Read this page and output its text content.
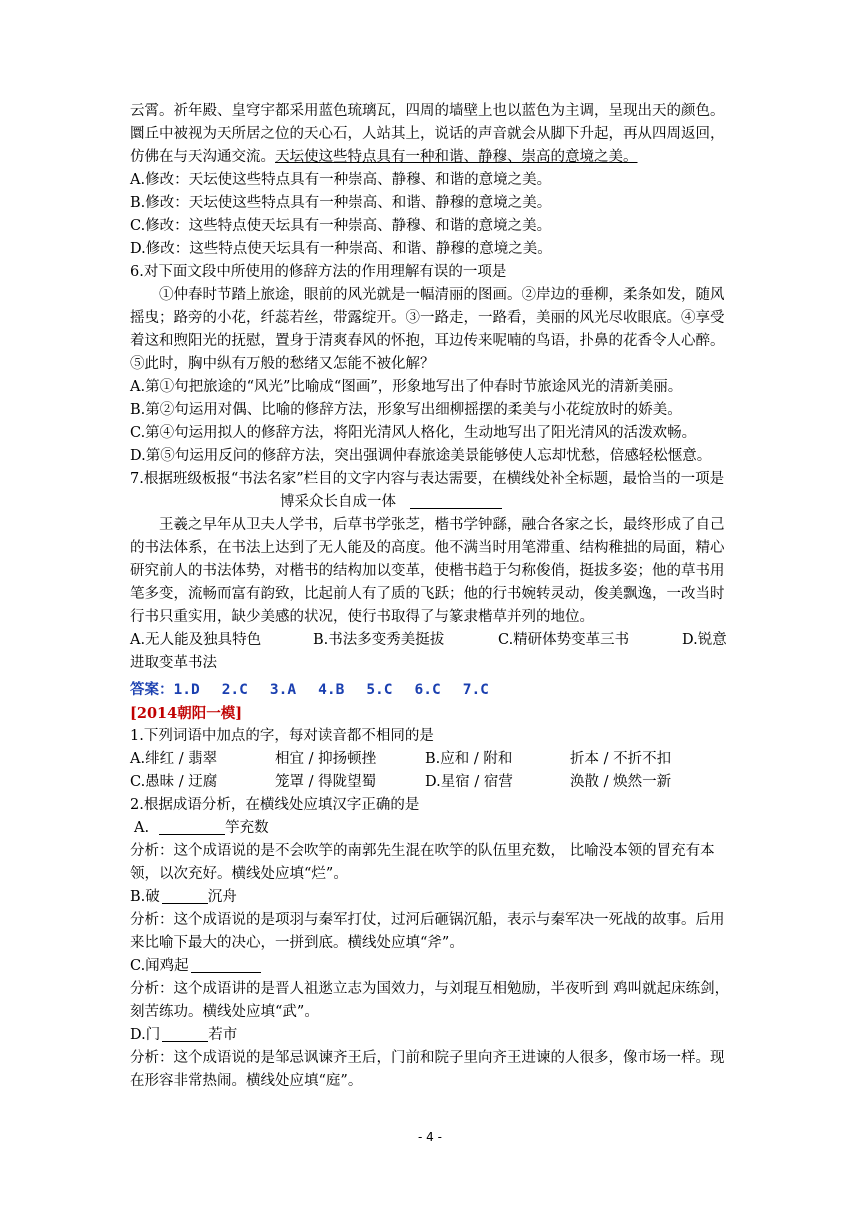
云霄。祈年殿、皇穹宇都采用蓝色琉璃瓦，四周的墙壁上也以蓝色为主调，呈现出天的颜色。

圜丘中被视为天所居之位的天心石，人站其上，说话的声音就会从脚下升起，再从四周返回，

仿佛在与天沟通交流。天坛使这些特点具有一种和谐、静穆、崇高的意境之美。

A.修改：天坛使这些特点具有一种崇高、静穆、和谐的意境之美。

B.修改：天坛使这些特点具有一种崇高、和谐、静穆的意境之美。

C.修改：这些特点使天坛具有一种崇高、静穆、和谐的意境之美。

D.修改：这些特点使天坛具有一种崇高、和谐、静穆的意境之美。

6.对下面文段中所使用的修辞方法的作用理解有误的一项是

①仲春时节踏上旅途，眼前的风光就是一幅清丽的图画。②岸边的垂柳，柔条如发，随风摇曳；路旁的小花，纤蕊若丝，带露绽开。③一路走，一路看，美丽的风光尽收眼底。④享受着这和煦阳光的抚慰，置身于清爽春风的怀抱，耳边传来呢喃的鸟语，扑鼻的花香令人心醉。⑤此时，胸中纵有万般的愁绪又怎能不被化解？

A.第①句把旅途的“风光”比喻成“图画”，形象地写出了仲春时节旅途风光的清新美丽。

B.第②句运用对偶、比喻的修辞方法，形象写出细柳摇摆的柔美与小花绽放时的娇美。

C.第④句运用拟人的修辞方法，将阳光清风人格化，生动地写出了阳光清风的活泼欢畅。

D.第⑤句运用反问的修辞方法，突出强调仲春旅途美景能够使人忘却忧愁，倍感轻松惬意。

7.根据班级板报“书法名家”栏目的文字内容与表达需要，在横线处补全标题，最恰当的一项是

博采众长自成一体

王羲之早年从卫夫人学书，后草书学张芝，楷书学钟繇，融合各家之长，最终形成了自己的书法体系，在书法上达到了无人能及的高度。他不满当时用笔滞重、结构稚拙的局面，精心研究前人的书法体势，对楷书的结构加以变革，使楷书趋于匀称俊俏，挺拔多姿；他的草书用笔多变，流畅而富有韵致，比起前人有了质的飞跃；他的行书婉转灵动，俊美飘逸，一改当时行书只重实用，缺少美感的状况，使行书取得了与篆隶楷草并列的地位。

A.无人能及独具特色	B.书法多变秀美挺拔	C.精研体势变革三书	D.锐意

进取变革书法

答案：1.D 2.C 3.A 4.B 5.C 6.C 7.C

[2014朝阳一模]

1.下列词语中加点的字，每对读音都不相同的是

A.绯红 / 翡翠	相宜 / 抑扬顿挫	B.应和 / 附和	折本 / 不折不扣

C.愚昧 / 迂腐	笼罩 / 得陇望蜀	D.星宿 / 宿营	涣散 / 焕然一新

2.根据成语分析，在横线处应填汉字正确的是

A.	竽充数

分析：这个成语说的是不会吹竽的南郭先生混在吹竽的队伍里充数， 比喻没本领的冒充有本领，以次充好。横线处应填“烂”。

B.破	沉舟

分析：这个成语说的是项羽与秦军打仗，过河后砸锅沉船，表示与秦军决一死战的故事。后用来比喻下最大的决心，一拼到底。横线处应填“斧”。

C.闻鸡起

分析：这个成语讲的是晋人祖逖立志为国效力，与刘琨互相勉励，半夜听到 鸡叫就起床练剑，刻苦练功。横线处应填“武”。

D.门	若市

分析：这个成语说的是邹忌讽谏齐王后，门前和院子里向齐王进谏的人很多，像市场一样。现在形容非常热闹。横线处应填“庭”。

- 4 -
